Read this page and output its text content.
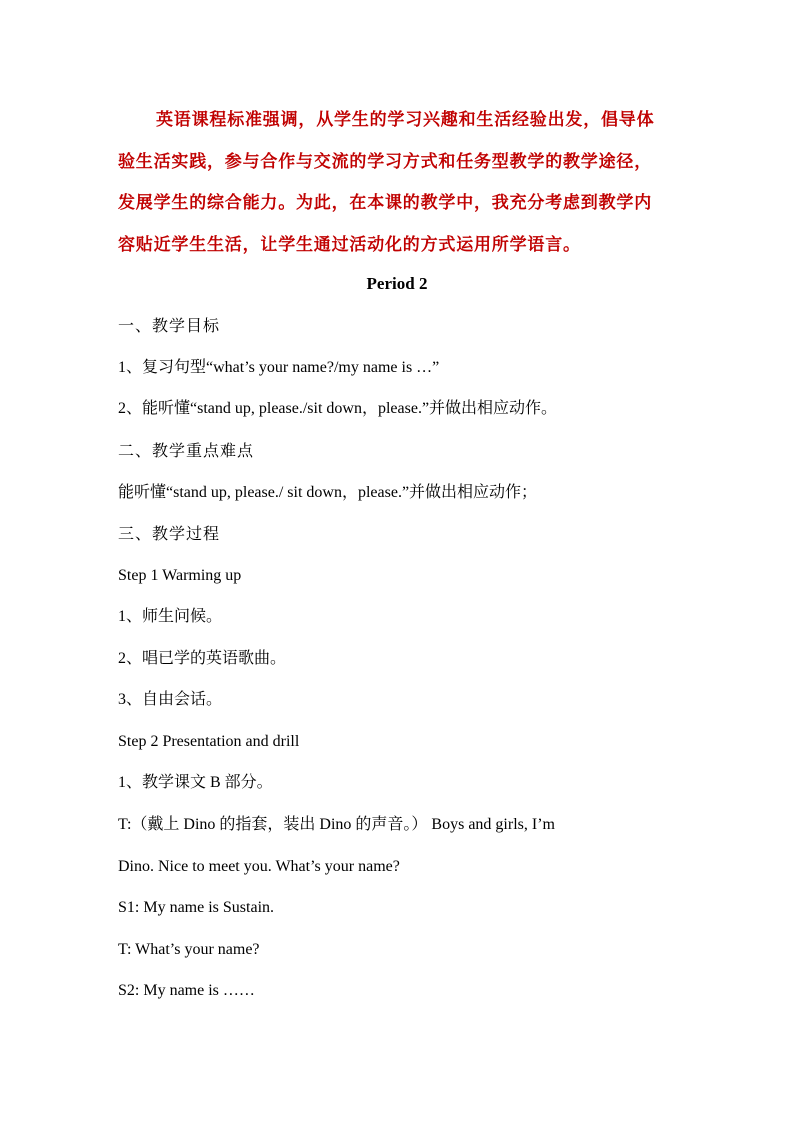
英语课程标准强调，从学生的学习兴趣和生活经验出发，倡导体
验生活实践，参与合作与交流的学习方式和任务型教学的教学途径，
发展学生的综合能力。为此，在本课的教学中，我充分考虑到教学内
容贴近学生生活，让学生通过活动化的方式运用所学语言。
Period 2
一、教学目标
1、复习句型“what’s your name?/my name is …”
2、能听懂“stand up, please./sit down，please.”并做出相应动作。
二、教学重点难点
能听懂“stand up, please./ sit down，please.”并做出相应动作；
三、教学过程
Step 1 Warming up
1、师生问候。
2、唱已学的英语歌曲。
3、自由会话。
Step 2 Presentation and drill
1、教学课文 B 部分。
T:（戴上 Dino 的指套，装出 Dino 的声音。） Boys and girls, I’m
Dino. Nice to meet you. What’s your name?
S1: My name is Sustain.
T: What’s your name?
S2: My name is ……
